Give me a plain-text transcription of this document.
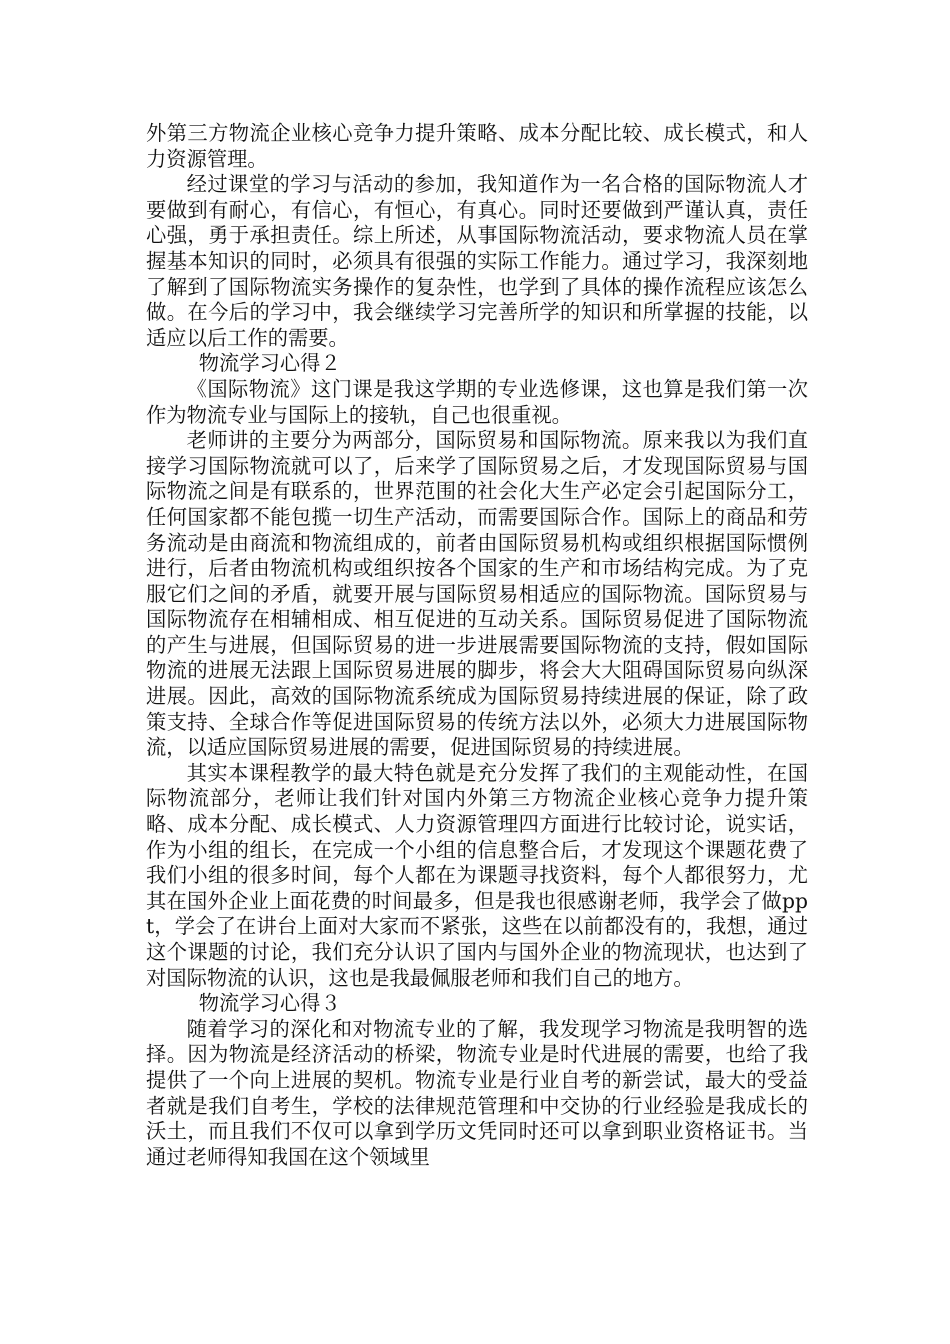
外第三方物流企业核心竞争力提升策略、成本分配比较、成长模式，和人力资源管理。

经过课堂的学习与活动的参加，我知道作为一名合格的国际物流人才要做到有耐心，有信心，有恒心，有真心。同时还要做到严谨认真，责任心强，勇于承担责任。综上所述，从事国际物流活动，要求物流人员在掌握基本知识的同时，必须具有很强的实际工作能力。通过学习，我深刻地了解到了国际物流实务操作的复杂性，也学到了具体的操作流程应该怎么做。在今后的学习中，我会继续学习完善所学的知识和所掌握的技能，以适应以后工作的需要。

物流学习心得２

《国际物流》这门课是我这学期的专业选修课，这也算是我们第一次作为物流专业与国际上的接轨，自己也很重视。

老师讲的主要分为两部分，国际贸易和国际物流。原来我以为我们直接学习国际物流就可以了，后来学了国际贸易之后，才发现国际贸易与国际物流之间是有联系的，世界范围的社会化大生产必定会引起国际分工，任何国家都不能包揽一切生产活动，而需要国际合作。国际上的商品和劳务流动是由商流和物流组成的，前者由国际贸易机构或组织根据国际惯例进行，后者由物流机构或组织按各个国家的生产和市场结构完成。为了克服它们之间的矛盾，就要开展与国际贸易相适应的国际物流。国际贸易与国际物流存在相辅相成、相互促进的互动关系。国际贸易促进了国际物流的产生与进展，但国际贸易的进一步进展需要国际物流的支持，假如国际物流的进展无法跟上国际贸易进展的脚步，将会大大阻碍国际贸易向纵深进展。因此，高效的国际物流系统成为国际贸易持续进展的保证，除了政策支持、全球合作等促进国际贸易的传统方法以外，必须大力进展国际物流，以适应国际贸易进展的需要，促进国际贸易的持续进展。

其实本课程教学的最大特色就是充分发挥了我们的主观能动性，在国际物流部分，老师让我们针对国内外第三方物流企业核心竞争力提升策略、成本分配、成长模式、人力资源管理四方面进行比较讨论，说实话，作为小组的组长，在完成一个小组的信息整合后，才发现这个课题花费了我们小组的很多时间，每个人都在为课题寻找资料，每个人都很努力，尤其在国外企业上面花费的时间最多，但是我也很感谢老师，我学会了做ppt，学会了在讲台上面对大家而不紧张，这些在以前都没有的，我想，通过这个课题的讨论，我们充分认识了国内与国外企业的物流现状，也达到了对国际物流的认识，这也是我最佩服老师和我们自己的地方。

物流学习心得３

随着学习的深化和对物流专业的了解，我发现学习物流是我明智的选择。因为物流是经济活动的桥梁，物流专业是时代进展的需要，也给了我提供了一个向上进展的契机。物流专业是行业自考的新尝试，最大的受益者就是我们自考生，学校的法律规范管理和中交协的行业经验是我成长的沃土，而且我们不仅可以拿到学历文凭同时还可以拿到职业资格证书。当通过老师得知我国在这个领域里
